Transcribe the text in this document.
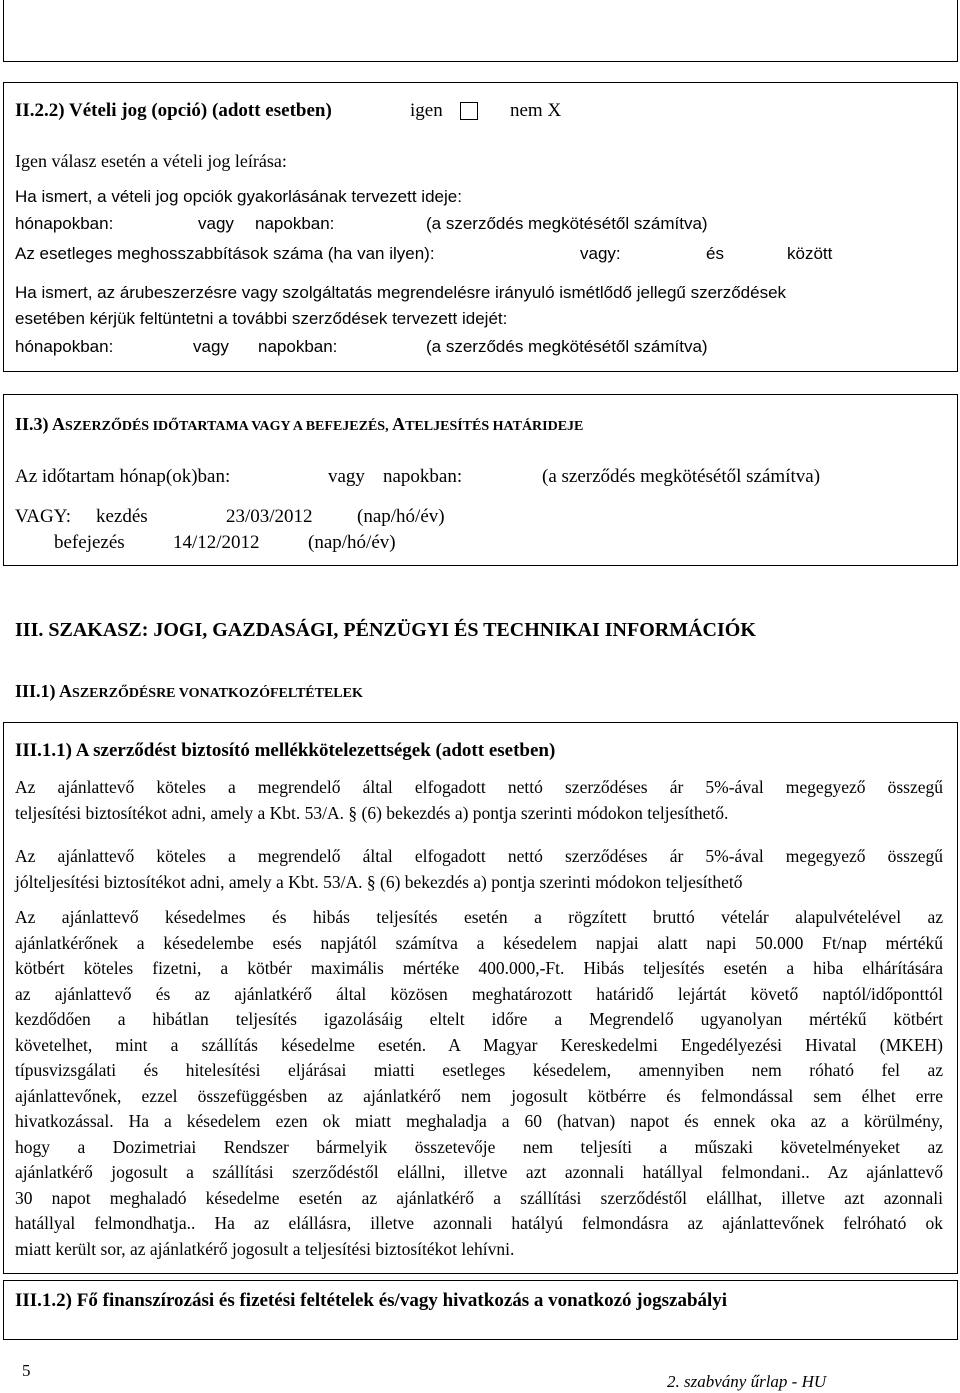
II.2.2) Vételi jog (opció) (adott esetben)	igen	nem X
Igen válasz esetén a vételi jog leírása:
Ha ismert, a vételi jog opciók gyakorlásának tervezett ideje:
hónapokban:	vagy napokban:	(a szerződés megkötésétől számítva)
Az esetleges meghosszabbítások száma (ha van ilyen):	vagy:	és	között
Ha ismert, az árubeszerzésre vagy szolgáltatás megrendelésre irányuló ismétlődő jellegű szerződések
esetében kérjük feltüntetni a további szerződések tervezett idejét:
hónapokban:	vagy napokban:	(a szerződés megkötésétől számítva)
II.3) ASZERZŐDÉS IDŐTARTAMA VAGY A BEFEJEZÉS, ATELJESÍTÉS HATÁRIDEJE
Az időtartam hónap(ok)ban:	vagy napokban:	(a szerződés megkötésétől számítva)
VAGY: kezdés	23/03/2012 (nap/hó/év)
befejezés	14/12/2012	(nap/hó/év)
III. SZAKASZ: JOGI, GAZDASÁGI, PÉNZÜGYI ÉS TECHNIKAI INFORMÁCIÓK
III.1) ASZERZŐDÉSRE VONATKOZÓFELTÉTELEK
III.1.1) A szerződést biztosító mellékkötelezettségek (adott esetben)
Az ajánlattevő köteles a megrendelő által elfogadott nettó szerződéses ár 5%-ával megegyező összegű
teljesítési biztosítékot adni, amely a Kbt. 53/A. § (6) bekezdés a) pontja szerinti módokon teljesíthető.
Az ajánlattevő köteles a megrendelő által elfogadott nettó szerződéses ár 5%-ával megegyező összegű
jólteljesítési biztosítékot adni, amely a Kbt. 53/A. § (6) bekezdés a) pontja szerinti módokon teljesíthető
Az ajánlattevő késedelmes és hibás teljesítés esetén a rögzített bruttó vételár alapulvételével az
ajánlatkérőnek a késedelembe esés napjától számítva a késedelem napjai alatt napi 50.000 Ft/nap mértékű
kötbért köteles fizetni, a kötbér maximális mértéke 400.000,-Ft. Hibás teljesítés esetén a hiba elhárítására
az ajánlattevő és az ajánlatkérő által közösen meghatározott határidő lejártát követő naptól/időponttól
kezdődően a hibátlan teljesítés igazolásáig eltelt időre a Megrendelő ugyanolyan mértékű kötbért
követelhet, mint a szállítás késedelme esetén. A Magyar Kereskedelmi Engedélyezési Hivatal (MKEH)
típusvizsgálati és hitelesítési eljárásai miatti esetleges késedelem, amennyiben nem róható fel az
ajánlattevőnek, ezzel összefüggésben az ajánlatkérő nem jogosult kötbérre és felmondással sem élhet erre
hivatkozással. Ha a késedelem ezen ok miatt meghaladja a 60 (hatvan) napot és ennek oka az a körülmény,
hogy a Dozimetriai Rendszer bármelyik összetevője nem teljesíti a műszaki követelményeket az
ajánlatkérő jogosult a szállítási szerződéstől elállni, illetve azt azonnali hatállyal felmondani.. Az ajánlattevő
30 napot meghaladó késedelme esetén az ajánlatkérő a szállítási szerződéstől elállhat, illetve azt azonnali
hatállyal felmondhatja.. Ha az elállásra, illetve azonnali hatályú felmondásra az ajánlattevőnek felróható ok
miatt került sor, az ajánlatkérő jogosult a teljesítési biztosítékot lehívni.
III.1.2) Fő finanszírozási és fizetési feltételek és/vagy hivatkozás a vonatkozó jogszabályi
5
2. szabvány űrlap - HU
